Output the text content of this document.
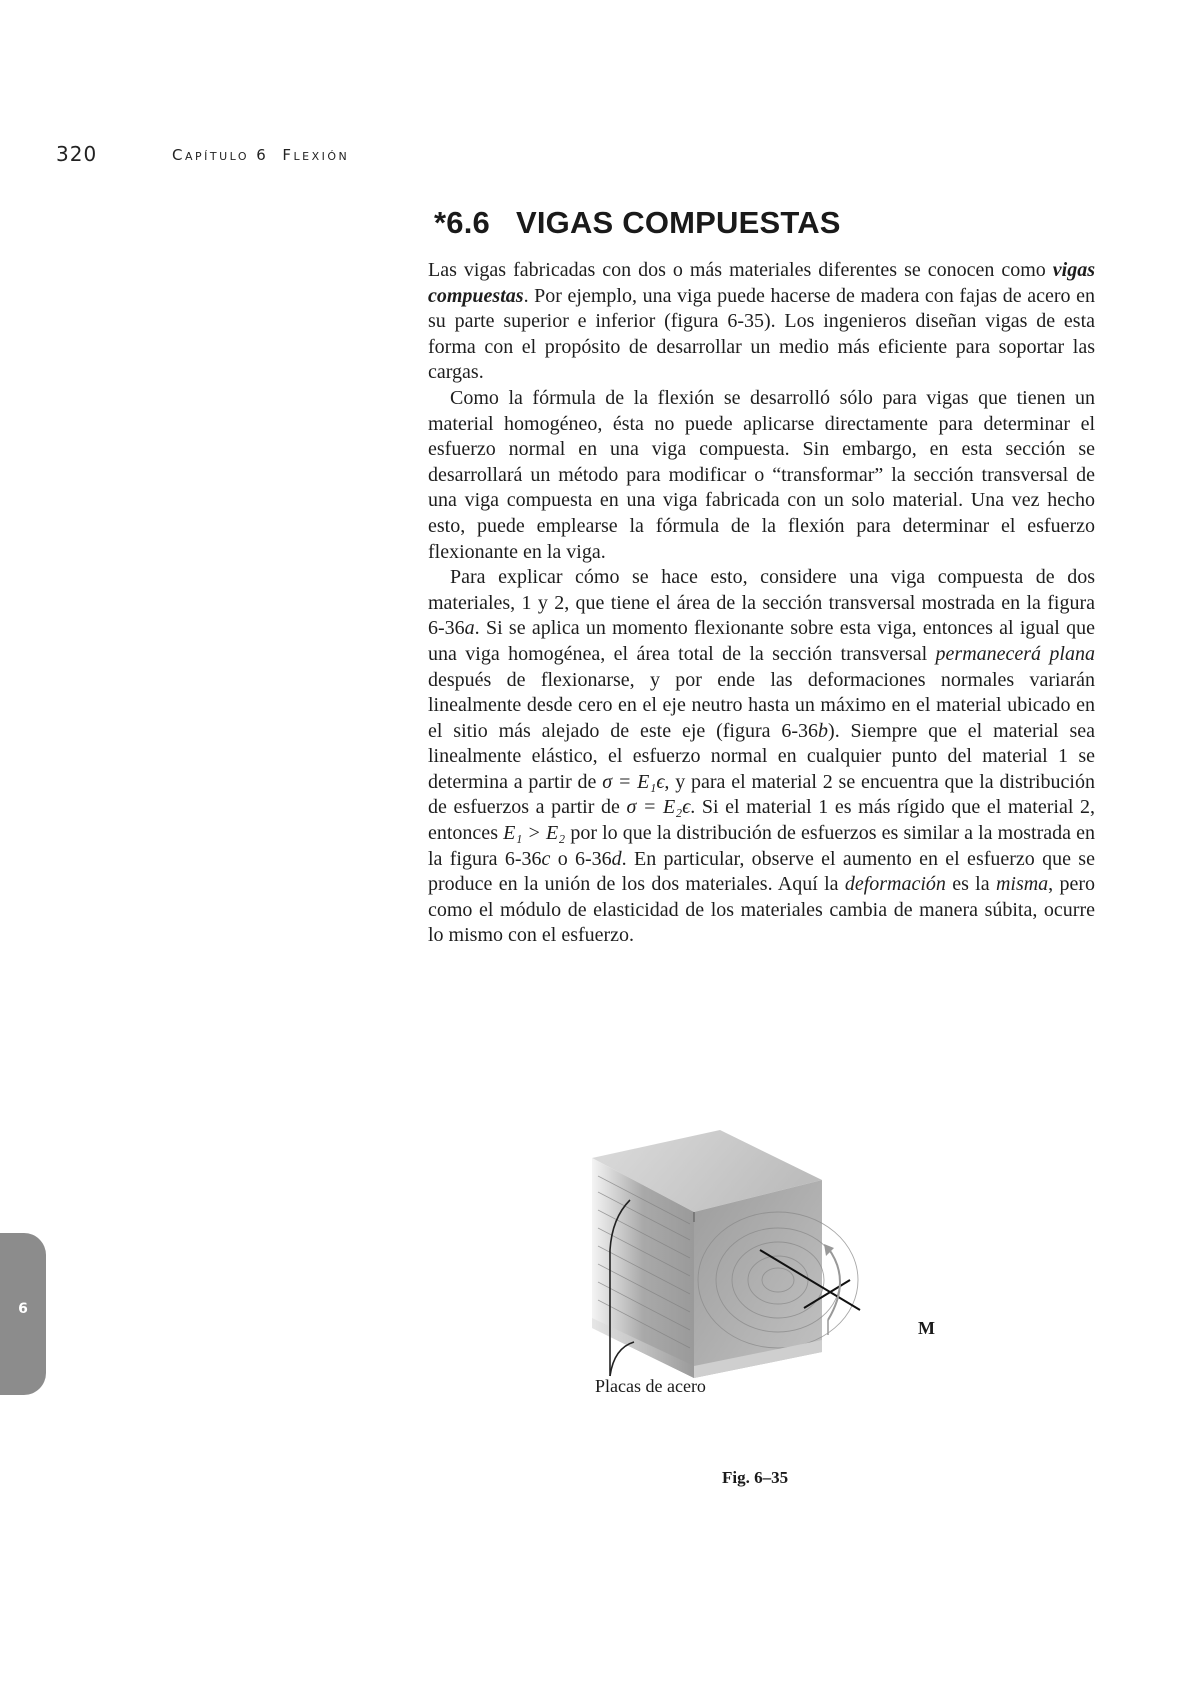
320	Capítulo 6 Flexión
*6.6 VIGAS COMPUESTAS

Las vigas fabricadas con dos o más materiales diferentes se conocen como vigas compuestas. Por ejemplo, una viga puede hacerse de madera con fajas de acero en su parte superior e inferior (figura 6-35). Los ingenieros diseñan vigas de esta forma con el propósito de desarrollar un medio más eficiente para soportar las cargas.

Como la fórmula de la flexión se desarrolló sólo para vigas que tienen un material homogéneo, ésta no puede aplicarse directamente para determinar el esfuerzo normal en una viga compuesta. Sin embargo, en esta sección se desarrollará un método para modificar o “transformar” la sección transversal de una viga compuesta en una viga fabricada con un solo material. Una vez hecho esto, puede emplearse la fórmula de la flexión para determinar el esfuerzo flexionante en la viga.

Para explicar cómo se hace esto, considere una viga compuesta de dos materiales, 1 y 2, que tiene el área de la sección transversal mostrada en la figura 6-36a. Si se aplica un momento flexionante sobre esta viga, entonces al igual que una viga homogénea, el área total de la sección transversal permanecerá plana después de flexionarse, y por ende las deformaciones normales variarán linealmente desde cero en el eje neutro hasta un máximo en el material ubicado en el sitio más alejado de este eje (figura 6-36b). Siempre que el material sea linealmente elástico, el esfuerzo normal en cualquier punto del material 1 se determina a partir de σ = E₁ϵ, y para el material 2 se encuentra que la distribución de esfuerzos a partir de σ = E₂ϵ. Si el material 1 es más rígido que el material 2, entonces E₁ > E₂ por lo que la distribución de esfuerzos es similar a la mostrada en la figura 6-36c o 6-36d. En particular, observe el aumento en el esfuerzo que se produce en la unión de los dos materiales. Aquí la deformación es la misma, pero como el módulo de elasticidad de los materiales cambia de manera súbita, ocurre lo mismo con el esfuerzo.

6
Placas de acero
M
Fig. 6–35
